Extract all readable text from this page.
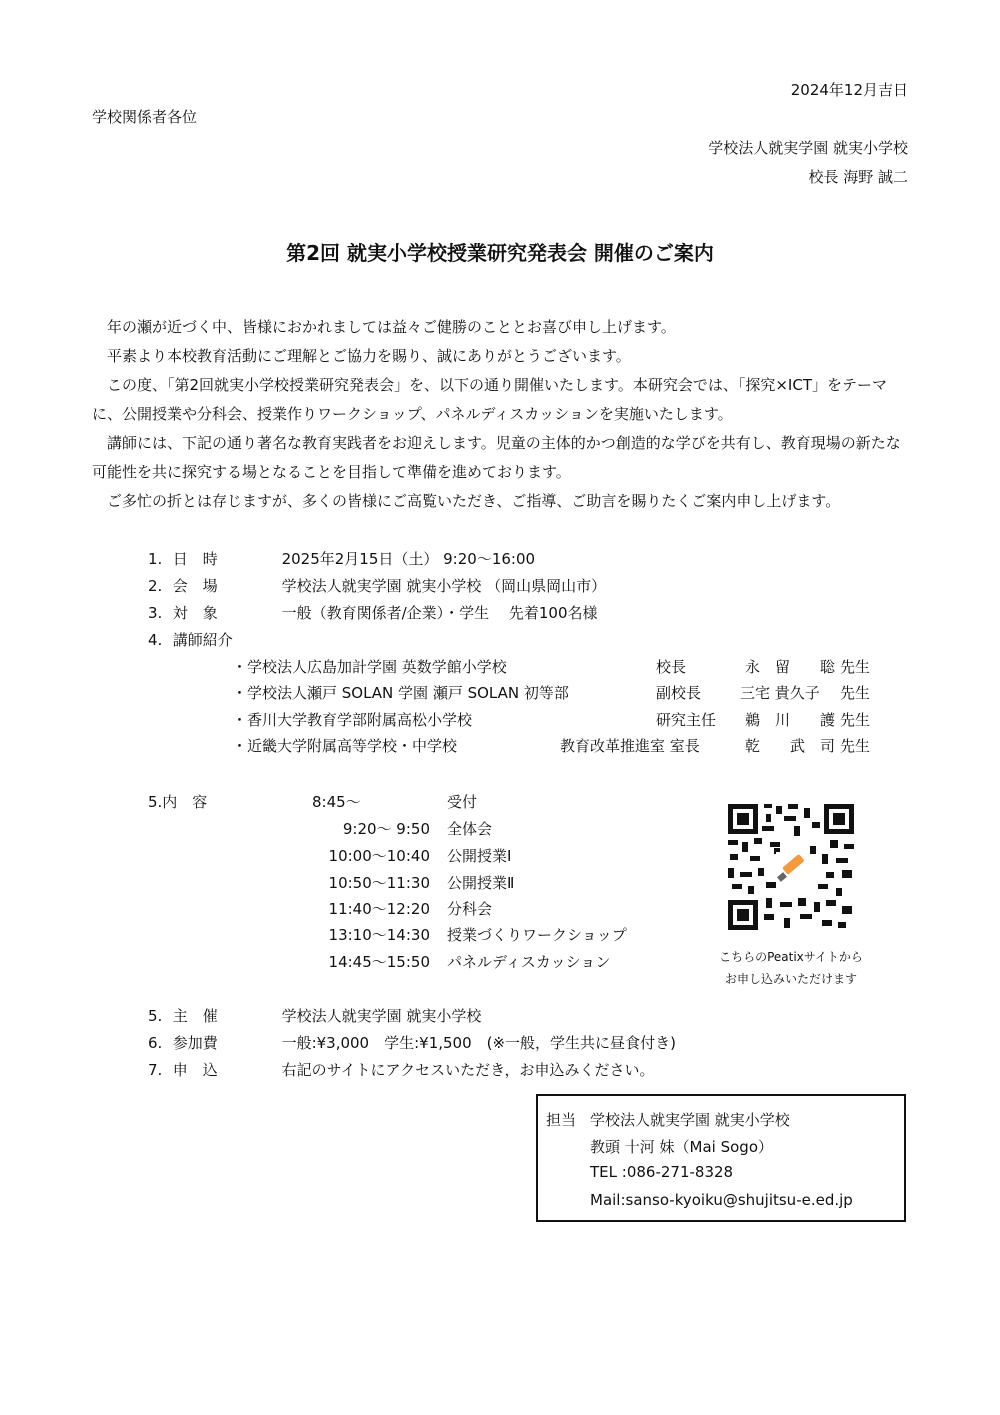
2024年12月吉日
学校関係者各位
学校法人就実学園 就実小学校
校長 海野 誠二
第2回 就実小学校授業研究発表会 開催のご案内

年の瀬が近づく中、皆様におかれましては益々ご健勝のこととお喜び申し上げます。

平素より本校教育活動にご理解とご協力を賜り、誠にありがとうございます。

この度、「第2回就実小学校授業研究発表会」を、以下の通り開催いたします。本研究会では、「探究×ICT」をテーマに、公開授業や分科会、授業作りワークショップ、パネルディスカッションを実施いたします。

講師には、下記の通り著名な教育実践者をお迎えします。児童の主体的かつ創造的な学びを共有し、教育現場の新たな可能性を共に探究する場となることを目指して準備を進めております。

ご多忙の折とは存じますが、多くの皆様にご高覧いただき、ご指導、ご助言を賜りたくご案内申し上げます。

1. 日　時	2025年2月15日（土） 9:20～16:00
2. 会　場	学校法人就実学園 就実小学校 （岡山県岡山市）
3. 対　象	一般（教育関係者/企業）・学生　 先着100名様
4. 講師紹介
・学校法人広島加計学園 英数学館小学校	校長	永　留　　聡 先生
・学校法人瀬戸 SOLAN 学園 瀬戸 SOLAN 初等部	副校長	三宅 貴久子 先生
・香川大学教育学部附属高松小学校	研究主任 鵜　川　　護 先生
・近畿大学附属高等学校・中学校	教育改革推進室 室長	乾　　武　司 先生
5.内　容	8:45～	受付
9:20～ 9:50 全体会
10:00～10:40 公開授業Ⅰ
10:50～11:30 公開授業Ⅱ
11:40～12:20 分科会
13:10～14:30 授業づくりワークショップ
14:45～15:50 パネルディスカッション	こちらのPeatixサイトから
お申し込みいただけます
5. 主　催	学校法人就実学園 就実小学校
6. 参加費	一般:¥3,000　学生:¥1,500　(※一般，学生共に昼食付き)
7. 申　込	右記のサイトにアクセスいただき，お申込みください。
担当 学校法人就実学園 就実小学校
教頭 十河 妹（Mai Sogo）
TEL :086-271-8328
Mail:sanso-kyoiku@shujitsu-e.ed.jp
